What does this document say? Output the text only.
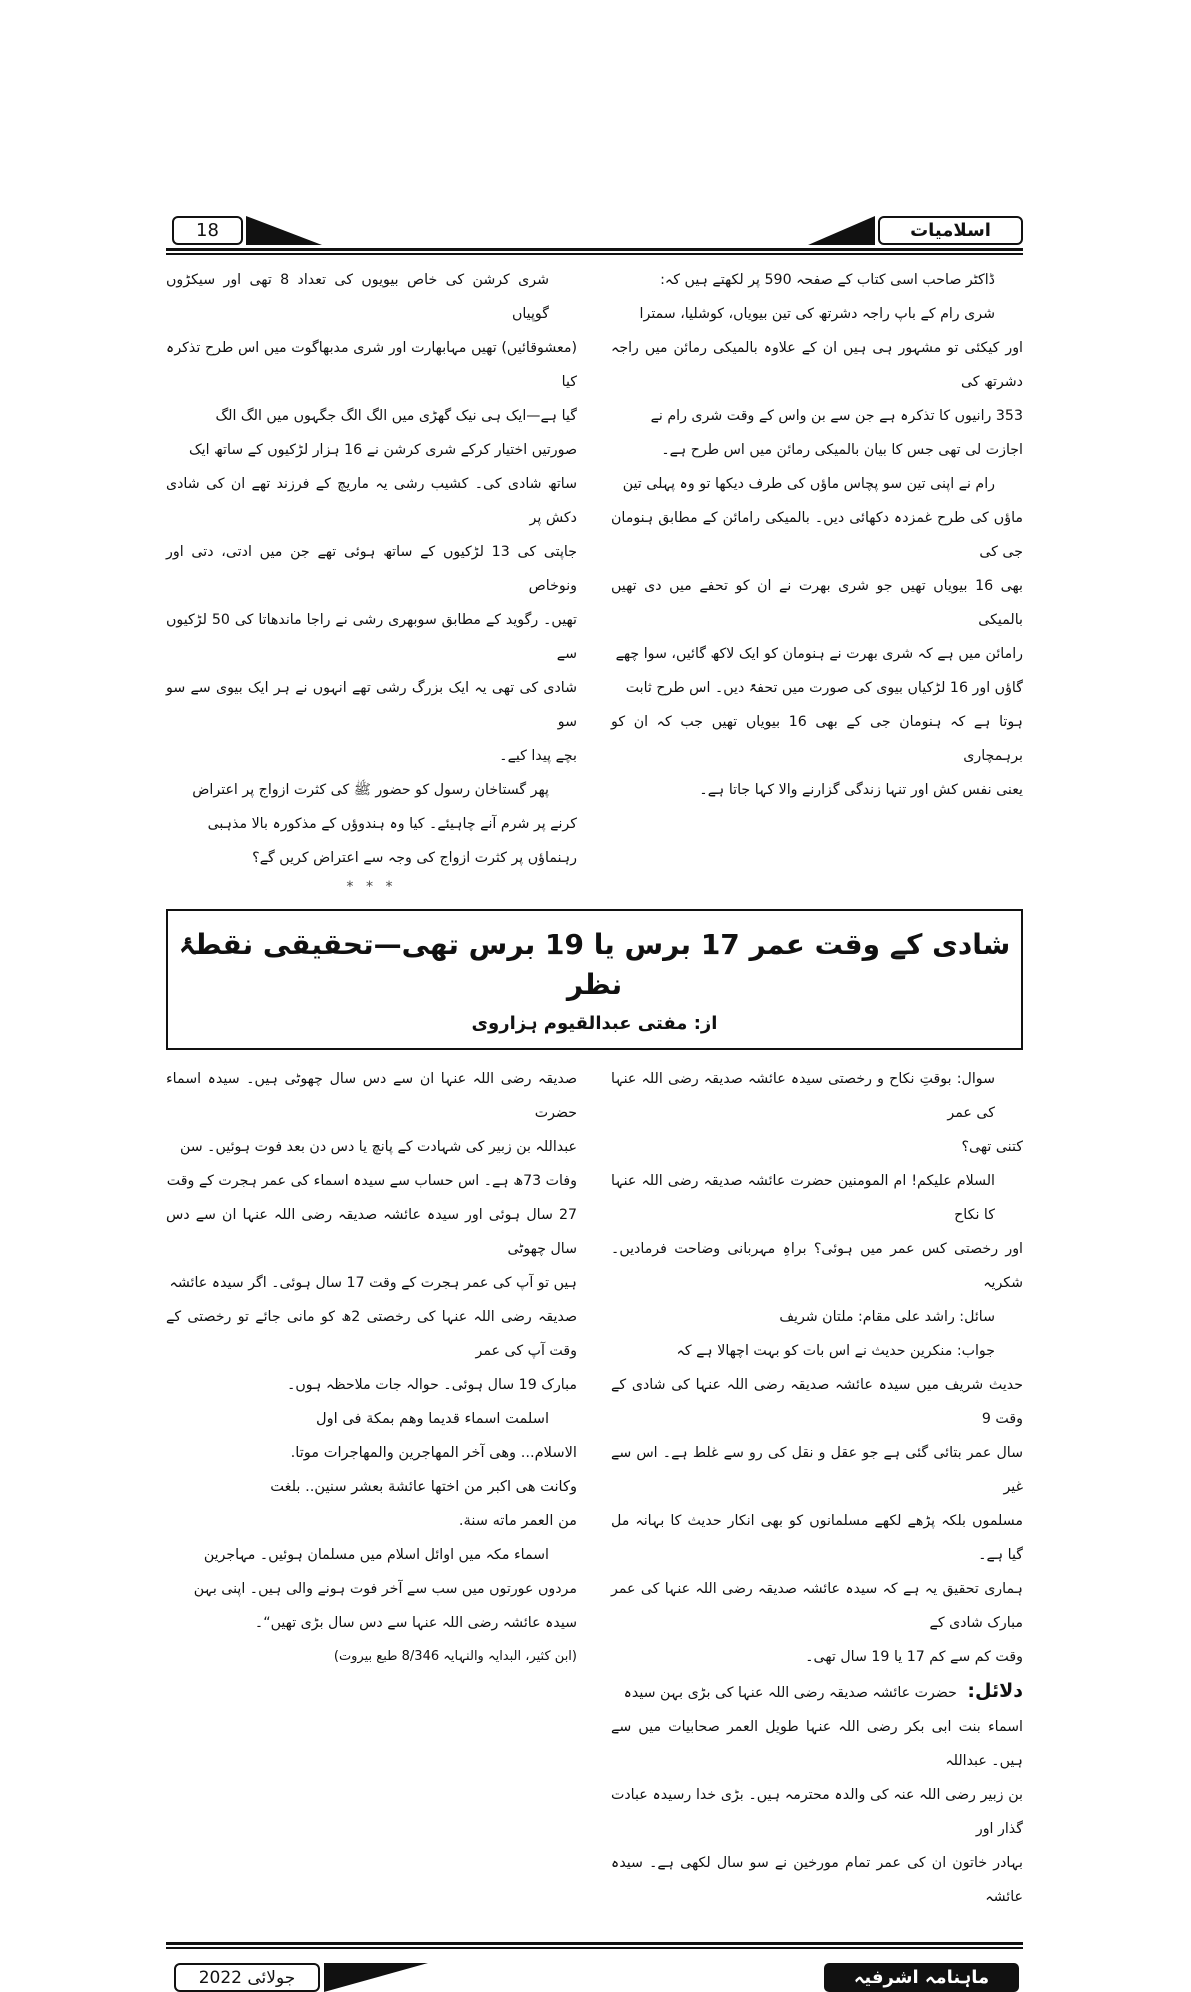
18	اسلامیات
ڈاکٹر صاحب اسی کتاب کے صفحہ 590 پر لکھتے ہیں کہ:
شری رام کے باپ راجہ دشرتھ کی تین بیویاں، کوشلیا، سمترا
اور کیکئی تو مشہور ہی ہیں ان کے علاوہ بالمیکی رمائن میں راجہ دشرتھ کی
353 رانیوں کا تذکرہ ہے جن سے بن واس کے وقت شری رام نے
اجازت لی تھی جس کا بیان بالمیکی رمائن میں اس طرح ہے۔
رام نے اپنی تین سو پچاس ماؤں کی طرف دیکھا تو وہ پہلی تین
ماؤں کی طرح غمزدہ دکھائی دیں۔ بالمیکی رامائن کے مطابق ہنومان جی کی
بھی 16 بیویاں تھیں جو شری بھرت نے ان کو تحفے میں دی تھیں بالمیکی
رامائن میں ہے کہ شری بھرت نے ہنومان کو ایک لاکھ گائیں، سوا چھے
گاؤں اور 16 لڑکیاں بیوی کی صورت میں تحفۃً دیں۔ اس طرح ثابت
ہوتا ہے کہ ہنومان جی کے بھی 16 بیویاں تھیں جب کہ ان کو برہمچاری
یعنی نفس کش اور تنہا زندگی گزارنے والا کہا جاتا ہے۔
شری کرشن کی خاص بیویوں کی تعداد 8 تھی اور سیکڑوں گوپیاں
(معشوقائیں) تھیں مہابھارت اور شری مدبھاگوت میں اس طرح تذکرہ کیا
گیا ہے—ایک ہی نیک گھڑی میں الگ الگ جگہوں میں الگ الگ
صورتیں اختیار کرکے شری کرشن نے 16 ہزار لڑکیوں کے ساتھ ایک
ساتھ شادی کی۔ کشیب رشی یہ ماریچ کے فرزند تھے ان کی شادی دکش پر
جاپتی کی 13 لڑکیوں کے ساتھ ہوئی تھے جن میں ادتی، دتی اور ونوخاص
تھیں۔ رگوید کے مطابق سوبھری رشی نے راجا ماندھاتا کی 50 لڑکیوں سے
شادی کی تھی یہ ایک بزرگ رشی تھے انہوں نے ہر ایک بیوی سے سو سو
بچے پیدا کیے۔
پھر گستاخان رسول کو حضور ﷺ کی کثرت ازواج پر اعتراض
کرنے پر شرم آنے چاہیئے۔ کیا وہ ہندوؤں کے مذکورہ بالا مذہبی
رہنماؤں پر کثرت ازواج کی وجہ سے اعتراض کریں گے؟
* * *
شادی کے وقت عمر 17 برس یا 19 برس تھی—تحقیقی نقطۂ نظر
از: مفتی عبدالقیوم ہزاروی
سوال: بوقتِ نکاح و رخصتی سیدہ عائشہ صدیقہ رضی اللہ عنہا کی عمر
کتنی تھی؟
السلام علیکم! ام المومنین حضرت عائشہ صدیقہ رضی اللہ عنہا کا نکاح
اور رخصتی کس عمر میں ہوئی؟ براہِ مہربانی وضاحت فرمادیں۔ شکریہ
سائل: راشد علی مقام: ملتان شریف
جواب: منکرین حدیث نے اس بات کو بہت اچھالا ہے کہ
حدیث شریف میں سیدہ عائشہ صدیقہ رضی اللہ عنہا کی شادی کے وقت 9
سال عمر بتائی گئی ہے جو عقل و نقل کی رو سے غلط ہے۔ اس سے غیر
مسلموں بلکہ پڑھے لکھے مسلمانوں کو بھی انکار حدیث کا بہانہ مل گیا ہے۔
ہماری تحقیق یہ ہے کہ سیدہ عائشہ صدیقہ رضی اللہ عنہا کی عمر مبارک شادی کے
وقت کم سے کم 17 یا 19 سال تھی۔
دلائل: حضرت عائشہ صدیقہ رضی اللہ عنہا کی بڑی بہن سیدہ
اسماء بنت ابی بکر رضی اللہ عنہا طویل العمر صحابیات میں سے ہیں۔ عبداللہ
بن زبیر رضی اللہ عنہ کی والدہ محترمہ ہیں۔ بڑی خدا رسیدہ عبادت گذار اور
بہادر خاتون ان کی عمر تمام مورخین نے سو سال لکھی ہے۔ سیدہ عائشہ
صدیقہ رضی اللہ عنہا ان سے دس سال چھوٹی ہیں۔ سیدہ اسماء حضرت
عبداللہ بن زبیر کی شہادت کے پانچ یا دس دن بعد فوت ہوئیں۔ سن
وفات 73ھ ہے۔ اس حساب سے سیدہ اسماء کی عمر ہجرت کے وقت
27 سال ہوئی اور سیدہ عائشہ صدیقہ رضی اللہ عنہا ان سے دس سال چھوٹی
ہیں تو آپ کی عمر ہجرت کے وقت 17 سال ہوئی۔ اگر سیدہ عائشہ
صدیقہ رضی اللہ عنہا کی رخصتی 2ھ کو مانی جائے تو رخصتی کے وقت آپ کی عمر
مبارک 19 سال ہوئی۔ حوالہ جات ملاحظہ ہوں۔
اسلمت اسماء قديما وهم بمكة فى اول
الاسلام... وهى آخر المهاجرين والمهاجرات موتا.
وكانت هى اكبر من اختها عائشة بعشر سنين.. بلغت
من العمر ماته سنة.
اسماء مکہ میں اوائل اسلام میں مسلمان ہوئیں۔ مہاجرین
مردوں عورتوں میں سب سے آخر فوت ہونے والی ہیں۔ اپنی بہن
سیدہ عائشہ رضی اللہ عنہا سے دس سال بڑی تھیں“۔
(ابن کثیر، البدایہ والنہایہ 8/346 طبع بیروت)
جولائی 2022	ماہنامہ اشرفیہ
